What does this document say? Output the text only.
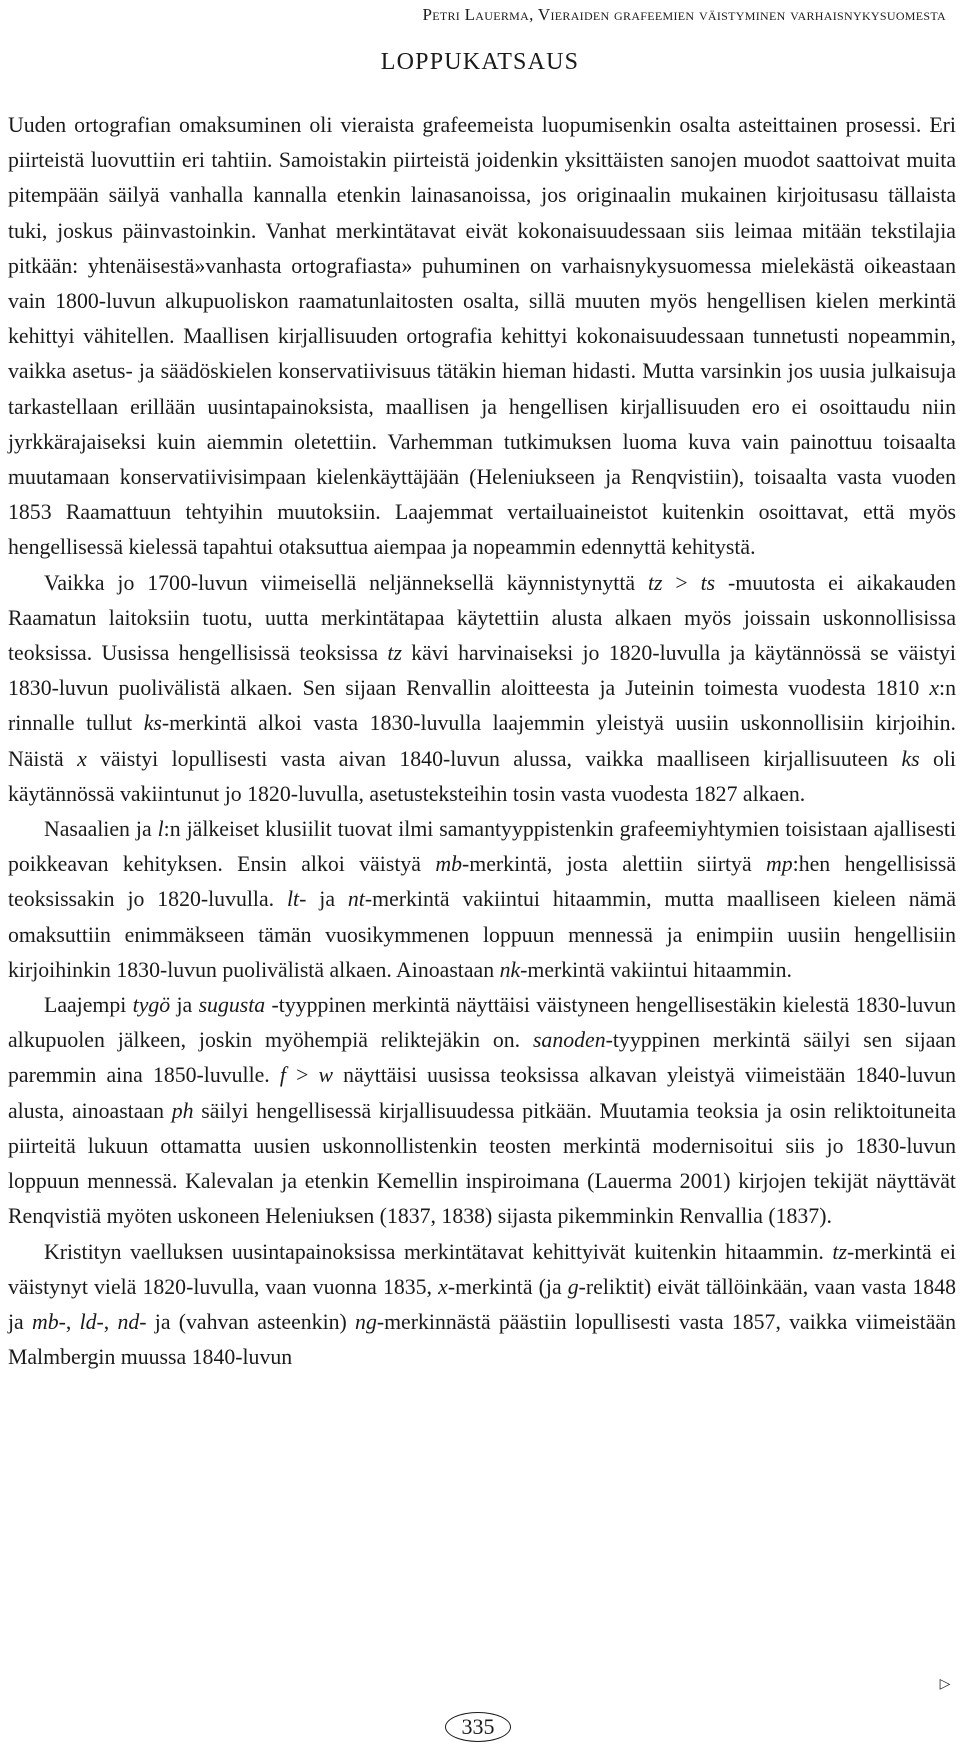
Petri Lauerma, Vieraiden grafeemien väistyminen varhaisnykysuomesta
LOPPUKATSAUS

Uuden ortografian omaksuminen oli vieraista grafeemeista luopumisenkin osalta asteittainen prosessi. Eri piirteistä luovuttiin eri tahtiin. Samoistakin piirteistä joidenkin yksittäisten sanojen muodot saattoivat muita pitempään säilyä vanhalla kannalla etenkin lainasanoissa, jos originaalin mukainen kirjoitusasu tällaista tuki, joskus päinvastoinkin. Vanhat merkintätavat eivät kokonaisuudessaan siis leimaa mitään tekstilajia pitkään: yhtenäisestä»vanhasta ortografiasta» puhuminen on varhaisnykysuomessa mielekästä oikeastaan vain 1800-luvun alkupuoliskon raamatunlaitosten osalta, sillä muuten myös hengellisen kielen merkintä kehittyi vähitellen. Maallisen kirjallisuuden ortografia kehittyi kokonaisuudessaan tunnetusti nopeammin, vaikka asetus- ja säädöskielen konservatiivisuus tätäkin hieman hidasti. Mutta varsinkin jos uusia julkaisuja tarkastellaan erillään uusintapainoksista, maallisen ja hengellisen kirjallisuuden ero ei osoittaudu niin jyrkkärajaiseksi kuin aiemmin oletettiin. Varhemman tutkimuksen luoma kuva vain painottuu toisaalta muutamaan konservatiivisimpaan kielenkäyttäjään (Heleniukseen ja Renqvistiin), toisaalta vasta vuoden 1853 Raamattuun tehtyihin muutoksiin. Laajemmat vertailuaineistot kuitenkin osoittavat, että myös hengellisessä kielessä tapahtui otaksuttua aiempaa ja nopeammin edennyttä kehitystä.

Vaikka jo 1700-luvun viimeisellä neljänneksellä käynnistynyttä tz > ts -muutosta ei aikakauden Raamatun laitoksiin tuotu, uutta merkintätapaa käytettiin alusta alkaen myös joissain uskonnollisissa teoksissa. Uusissa hengellisissä teoksissa tz kävi harvinaiseksi jo 1820-luvulla ja käytännössä se väistyi 1830-luvun puolivälistä alkaen. Sen sijaan Renvallin aloitteesta ja Juteinin toimesta vuodesta 1810 x:n rinnalle tullut ks-merkintä alkoi vasta 1830-luvulla laajemmin yleistyä uusiin uskonnollisiin kirjoihin. Näistä x väistyi lopullisesti vasta aivan 1840-luvun alussa, vaikka maalliseen kirjallisuuteen ks oli käytännössä vakiintunut jo 1820-luvulla, asetusteksteihin tosin vasta vuodesta 1827 alkaen.

Nasaalien ja l:n jälkeiset klusiilit tuovat ilmi samantyyppistenkin grafeemiyhtymien toisistaan ajallisesti poikkeavan kehityksen. Ensin alkoi väistyä mb-merkintä, josta alettiin siirtyä mp:hen hengellisissä teoksissakin jo 1820-luvulla. lt- ja nt-merkintä vakiintui hitaammin, mutta maalliseen kieleen nämä omaksuttiin enimmäkseen tämän vuosikymmenen loppuun mennessä ja enimpiin uusiin hengellisiin kirjoihinkin 1830-luvun puolivälistä alkaen. Ainoastaan nk-merkintä vakiintui hitaammin.

Laajempi tygö ja sugusta -tyyppinen merkintä näyttäisi väistyneen hengellisestäkin kielestä 1830-luvun alkupuolen jälkeen, joskin myöhempiä reliktejäkin on. sanoden-tyyppinen merkintä säilyi sen sijaan paremmin aina 1850-luvulle. f > w näyttäisi uusissa teoksissa alkavan yleistyä viimeistään 1840-luvun alusta, ainoastaan ph säilyi hengellisessä kirjallisuudessa pitkään. Muutamia teoksia ja osin reliktoituneita piirteitä lukuun ottamatta uusien uskonnollistenkin teosten merkintä modernisoitui siis jo 1830-luvun loppuun mennessä. Kalevalan ja etenkin Kemellin inspiroimana (Lauerma 2001) kirjojen tekijät näyttävät Renqvistiä myöten uskoneen Heleniuksen (1837, 1838) sijasta pikemminkin Renvallia (1837).

Kristityn vaelluksen uusintapainoksissa merkintätavat kehittyivät kuitenkin hitaammin. tz-merkintä ei väistynyt vielä 1820-luvulla, vaan vuonna 1835, x-merkintä (ja g-reliktit) eivät tällöinkään, vaan vasta 1848 ja mb-, ld-, nd- ja (vahvan asteenkin) ng-merkinnästä päästiin lopullisesti vasta 1857, vaikka viimeistään Malmbergin muussa 1840-luvun

▷
335
